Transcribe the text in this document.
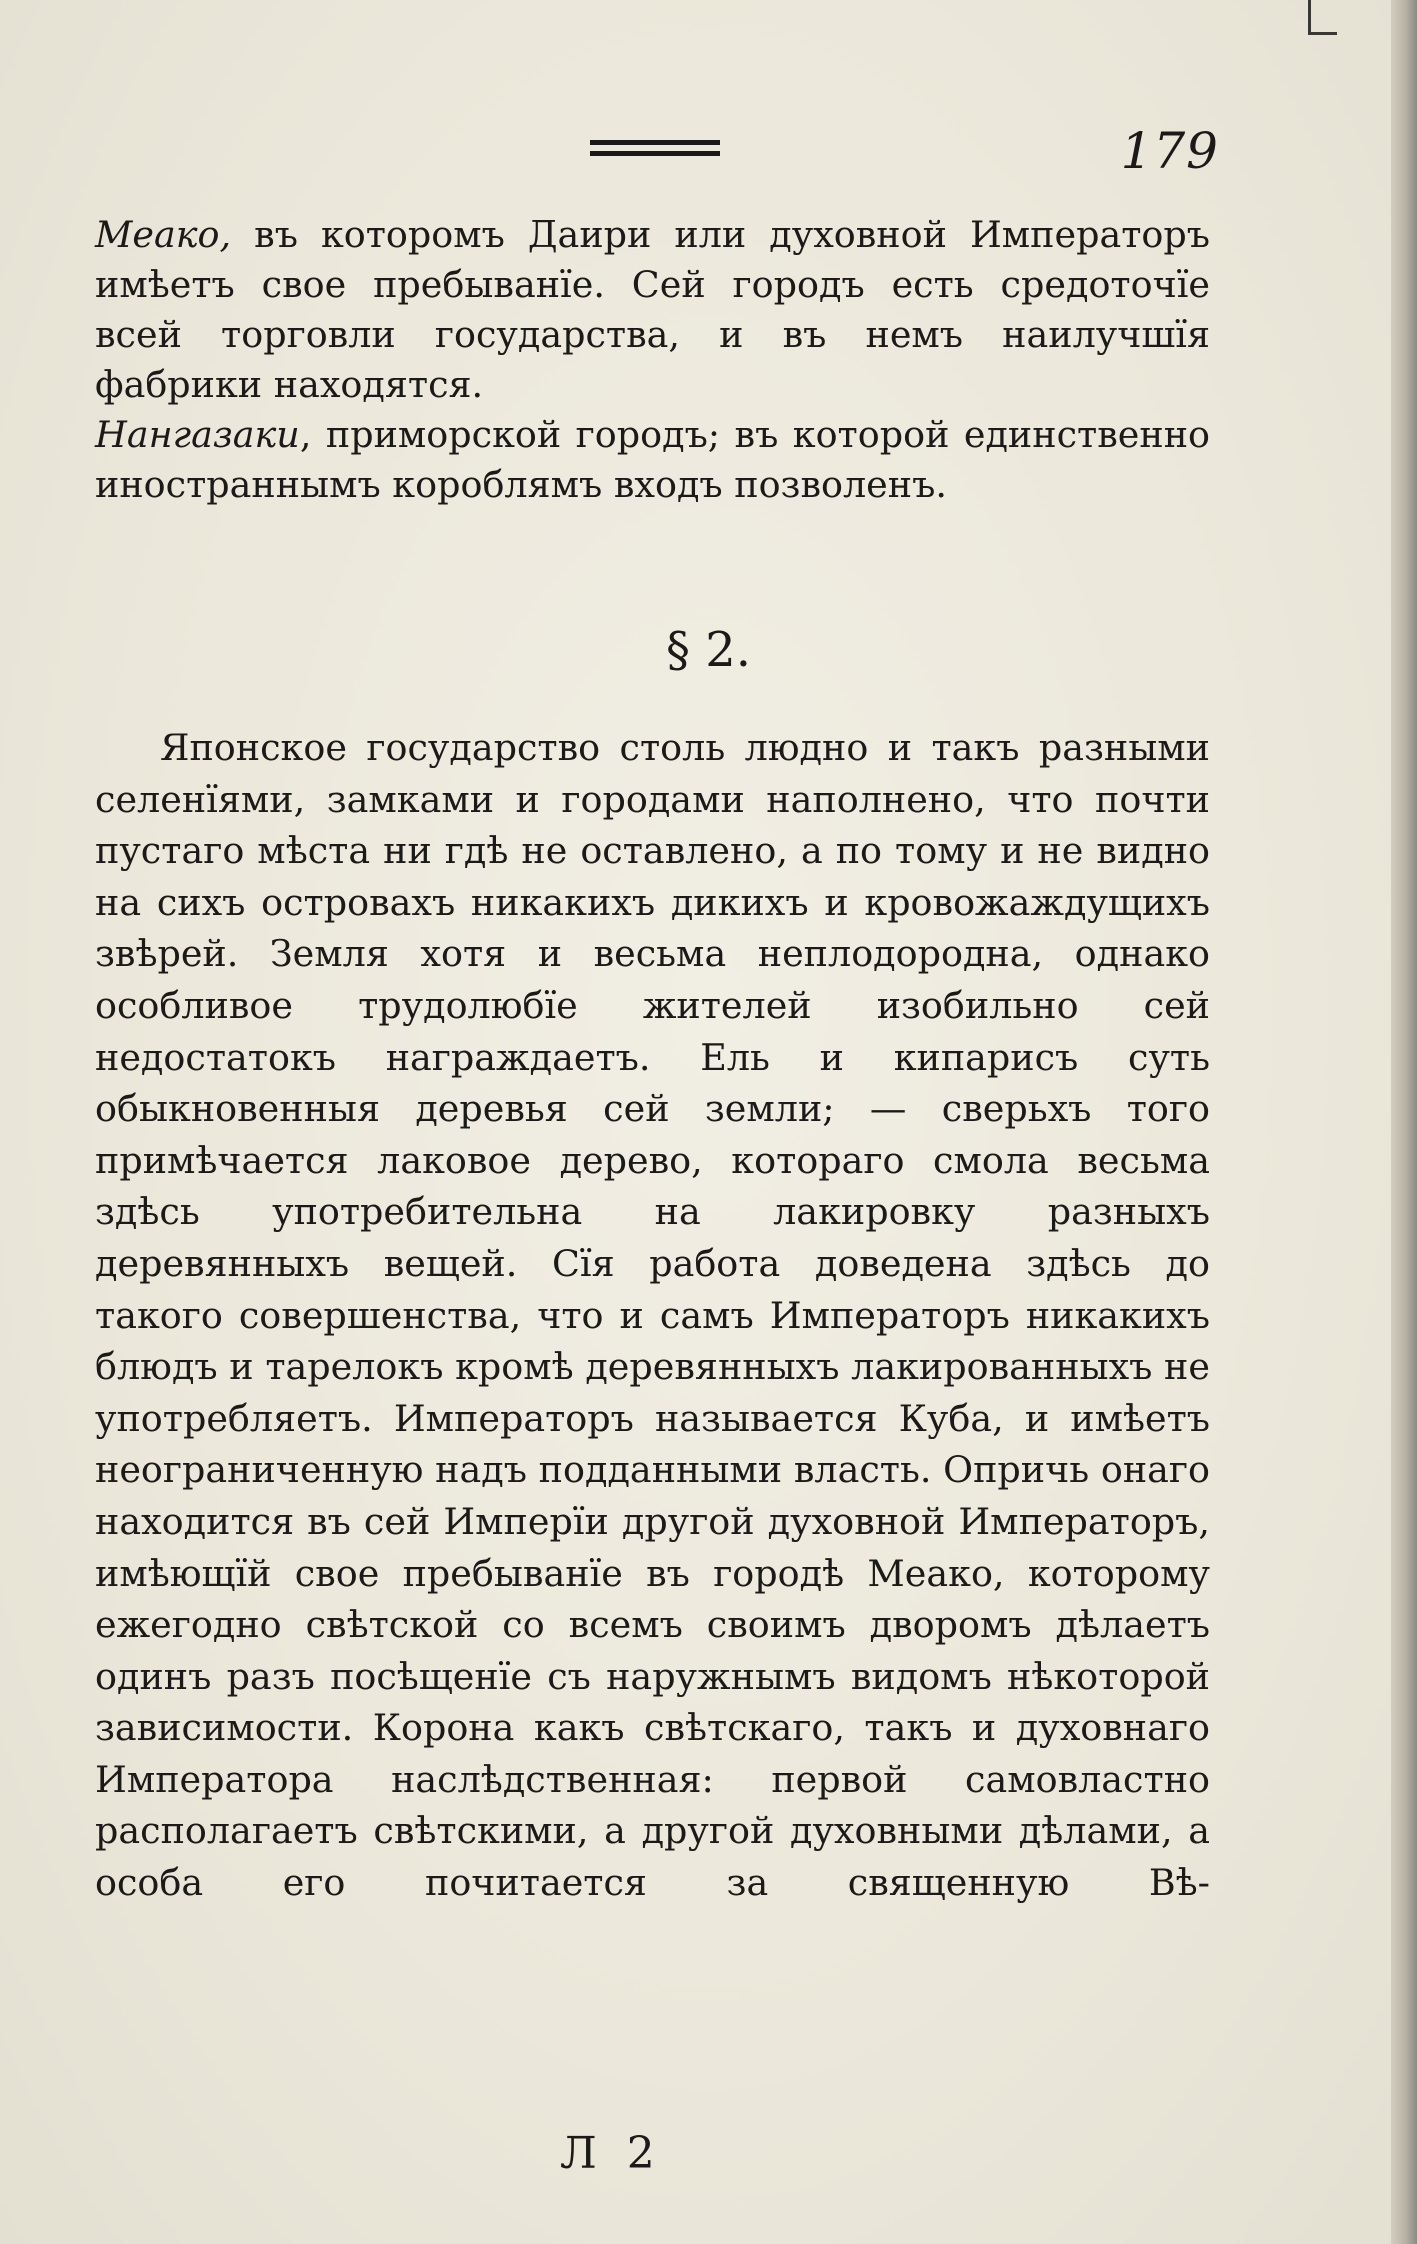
179

Меако, въ которомъ Даири или духовной Императоръ имѣетъ свое пребыванїе. Сей городъ есть средоточїе всей торговли государства, и въ немъ наилучшїя фабрики находятся.

Нангазаки, приморской городъ; въ которой единственно иностраннымъ короблямъ входъ позволенъ.

§ 2.

Японское государство столь людно и такъ разными селенїями, замками и городами наполнено, что почти пустаго мѣста ни гдѣ не оставлено, а по тому и не видно на сихъ островахъ никакихъ дикихъ и кровожаждущихъ звѣрей. Земля хотя и весьма неплодородна, однако особливое трудолюбїе жителей изобильно сей недостатокъ награждаетъ. Ель и кипарисъ суть обыкновенныя деревья сей земли; — сверьхъ того примѣчается лаковое дерево, котораго смола весьма здѣсь употребительна на лакировку разныхъ деревянныхъ вещей. Сїя работа доведена здѣсь до такого совершенства, что и самъ Императоръ никакихъ блюдъ и тарелокъ кромѣ деревянныхъ лакированныхъ не употребляетъ. Императоръ называется Куба, и имѣетъ неограниченную надъ подданными власть. Опричь онаго находится въ сей Имперїи другой духовной Императоръ, имѣющїй свое пребыванїе въ городѣ Меако, которому ежегодно свѣтской со всемъ своимъ дворомъ дѣлаетъ одинъ разъ посѣщенїе съ наружнымъ видомъ нѣкоторой зависимости. Корона какъ свѣтскаго, такъ и духовнаго Императора наслѣдственная: первой самовластно располагаетъ свѣтскими, а другой духовными дѣлами, а особа его почитается за священную Вѣ-

Л 2
